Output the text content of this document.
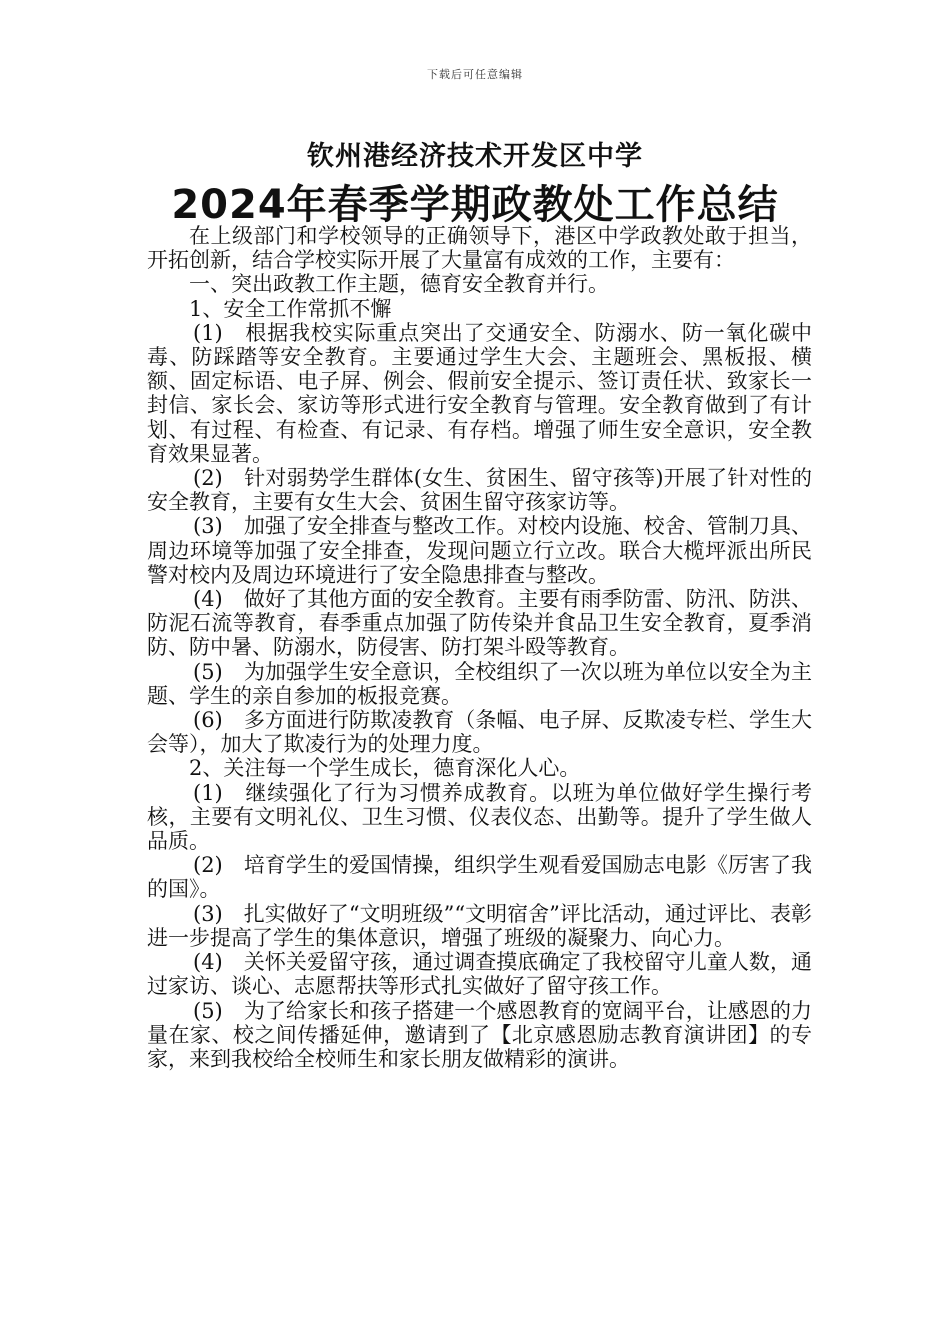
下载后可任意编辑
钦州港经济技术开发区中学
2024年春季学期政教处工作总结

在上级部门和学校领导的正确领导下，港区中学政教处敢于担当，开拓创新，结合学校实际开展了大量富有成效的工作，主要有：

一、突出政教工作主题，德育安全教育并行。

1、安全工作常抓不懈

(1)　根据我校实际重点突出了交通安全、防溺水、防一氧化碳中毒、防踩踏等安全教育。主要通过学生大会、主题班会、黑板报、横额、固定标语、电子屏、例会、假前安全提示、签订责任状、致家长一封信、家长会、家访等形式进行安全教育与管理。安全教育做到了有计划、有过程、有检查、有记录、有存档。增强了师生安全意识，安全教育效果显著。

(2)　针对弱势学生群体(女生、贫困生、留守孩等)开展了针对性的安全教育，主要有女生大会、贫困生留守孩家访等。

(3)　加强了安全排查与整改工作。对校内设施、校舍、管制刀具、周边环境等加强了安全排查，发现问题立行立改。联合大榄坪派出所民警对校内及周边环境进行了安全隐患排查与整改。

(4)　做好了其他方面的安全教育。主要有雨季防雷、防汛、防洪、防泥石流等教育，春季重点加强了防传染并食品卫生安全教育，夏季消防、防中暑、防溺水，防侵害、防打架斗殴等教育。

(5)　为加强学生安全意识，全校组织了一次以班为单位以安全为主题、学生的亲自参加的板报竞赛。

(6)　多方面进行防欺凌教育（条幅、电子屏、反欺凌专栏、学生大会等），加大了欺凌行为的处理力度。

2、关注每一个学生成长，德育深化人心。

(1)　继续强化了行为习惯养成教育。以班为单位做好学生操行考核，主要有文明礼仪、卫生习惯、仪表仪态、出勤等。提升了学生做人品质。

(2)　培育学生的爱国情操，组织学生观看爱国励志电影《厉害了我的国》。

(3)　扎实做好了“文明班级”“文明宿舍”评比活动，通过评比、表彰进一步提高了学生的集体意识，增强了班级的凝聚力、向心力。

(4)　关怀关爱留守孩，通过调查摸底确定了我校留守儿童人数，通过家访、谈心、志愿帮扶等形式扎实做好了留守孩工作。

(5)　为了给家长和孩子搭建一个感恩教育的宽阔平台，让感恩的力量在家、校之间传播延伸，邀请到了【北京感恩励志教育演讲团】的专家，来到我校给全校师生和家长朋友做精彩的演讲。
